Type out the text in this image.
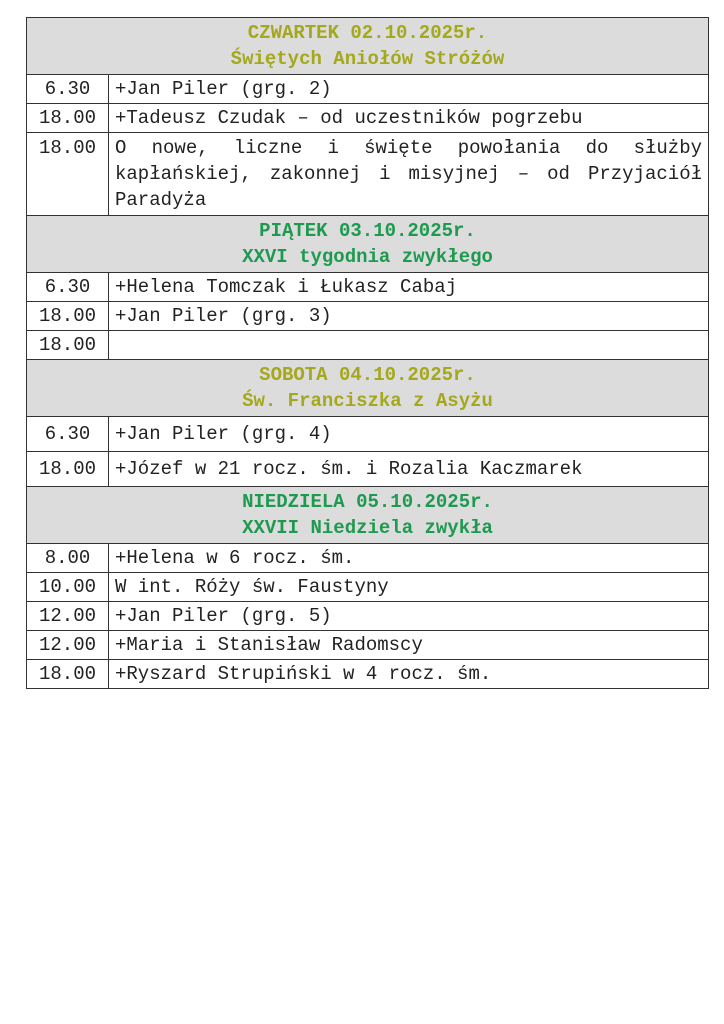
CZWARTEK 02.10.2025r.
Świętych Aniołów Stróżów	

6.30	+Jan Piler (grg. 2)
18.00	+Tadeusz Czudak – od uczestników pogrzebu
18.00	O nowe, liczne i święte powołania do służby kapłańskiej, zakonnej i misyjnej – od Przyjaciół Paradyża

PIĄTEK 03.10.2025r.
XXVI tygodnia zwykłego	

6.30	+Helena Tomczak i Łukasz Cabaj
18.00	+Jan Piler (grg. 3)
18.00	

SOBOTA 04.10.2025r.
Św. Franciszka z Asyżu	

6.30	+Jan Piler (grg. 4)
18.00	+Józef w 21 rocz. śm. i Rozalia Kaczmarek

NIEDZIELA 05.10.2025r.
XXVII Niedziela zwykła	

8.00	+Helena w 6 rocz. śm.
10.00	W int. Róży św. Faustyny
12.00	+Jan Piler (grg. 5)
12.00	+Maria i Stanisław Radomscy
18.00	+Ryszard Strupiński w 4 rocz. śm.
